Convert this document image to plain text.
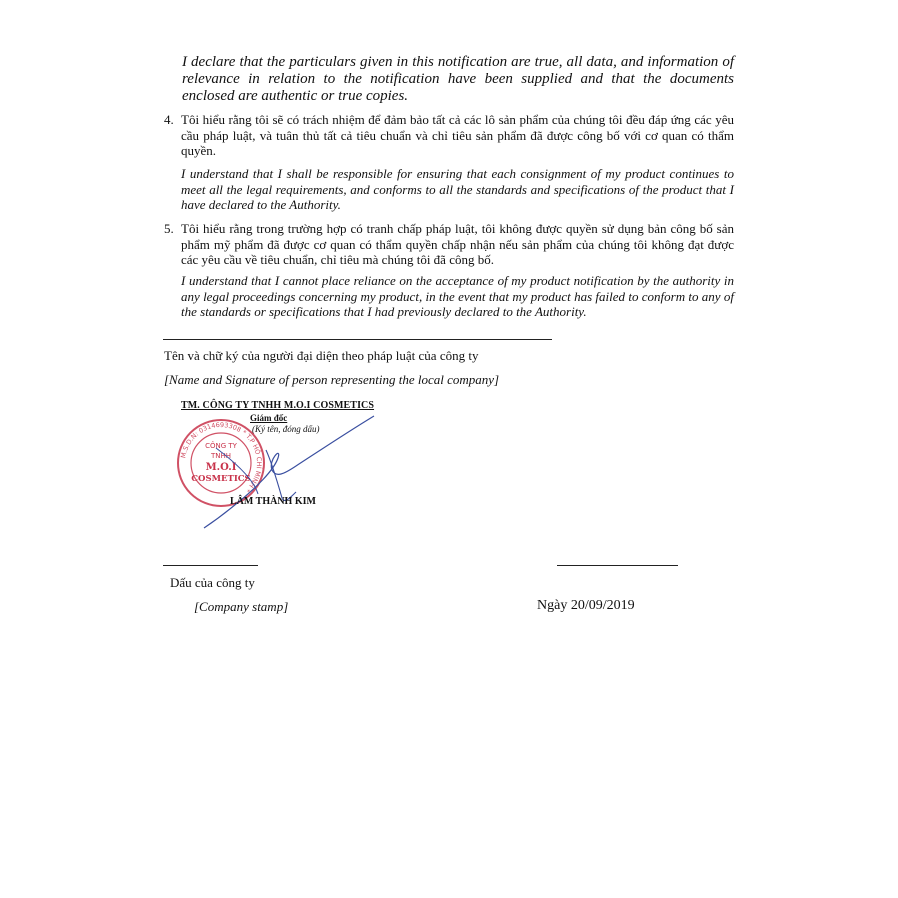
I declare that the particulars given in this notification are true, all data, and information of relevance in relation to the notification have been supplied and that the documents enclosed are authentic or true copies.
4. Tôi hiểu rằng tôi sẽ có trách nhiệm để đảm bảo tất cả các lô sản phẩm của chúng tôi đều đáp ứng các yêu cầu pháp luật, và tuân thủ tất cả tiêu chuẩn và chỉ tiêu sản phẩm đã được công bố với cơ quan có thẩm quyền.
I understand that I shall be responsible for ensuring that each consignment of my product continues to meet all the legal requirements, and conforms to all the standards and specifications of the product that I have declared to the Authority.
5. Tôi hiểu rằng trong trường hợp có tranh chấp pháp luật, tôi không được quyền sử dụng bản công bố sản phẩm mỹ phẩm đã được cơ quan có thẩm quyền chấp nhận nếu sản phẩm của chúng tôi không đạt được các yêu cầu về tiêu chuẩn, chỉ tiêu mà chúng tôi đã công bố.
I understand that I cannot place reliance on the acceptance of my product notification by the authority in any legal proceedings concerning my product, in the event that my product has failed to conform to any of the standards or specifications that I had previously declared to the Authority.
Tên và chữ ký của người đại diện theo pháp luật của công ty
[Name and Signature of person representing the local company]
TM. CÔNG TY TNHH M.O.I COSMETICS
Giám đốc
(Ký tên, đóng dấu)
M.S.D.N: 0314693308 * T.P HỒ CHÍ MINH *
CÔNG TY
TNHH
M.O.I
COSMETICS
LÂM THÀNH KIM
Dấu của công ty
[Company stamp]	Ngày 20/09/2019
